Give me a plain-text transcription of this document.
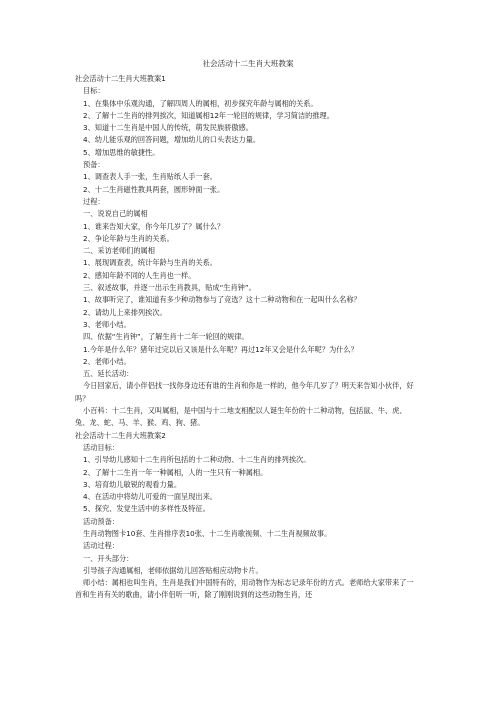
社会活动十二生肖大班教案
社会活动十二生肖大班教案1
目标：
1、在集体中乐观沟通，了解四周人的属相，初步探究年龄与属相的关系。
2、了解十二生肖的排列挨次，知道属相12年一轮回的规律，学习简洁的推理。
3、知道十二生肖是中国人的传统，萌发民族骄傲感。
4、幼儿能乐观的回答问题，增加幼儿的口头表达力量。
5、增加思维的敏捷性。
预备：
1、调查表人手一张，生肖贴纸人手一套。
2、十二生肖磁性教具两套，圆形钟面一张。
过程：
一、说说自己的属相
1、谁来告知大家，你今年几岁了？属什么？
2、争论年龄与生肖的关系。
二、采访老师们的属相
1、展现调查表，统计年龄与生肖的关系。
2、感知年龄不同的人生肖也一样。
三、叙述故事，并逐一出示生肖教具，贴成“生肖钟”。
1、故事听完了，谁知道有多少种动物参与了竞选？这十二种动物和在一起叫什么名称？
2、请幼儿上来排列挨次。
3、老师小结。
四、依据“生肖钟”，了解生肖十二年一轮回的规律。
1.今年是什么年？猪年过完以后又该是什么年呢？再过12年又会是什么年呢？为什么？
2、老师小结。
五、延长活动：
今日回家后，请小伴侣找一找你身边还有谁的生肖和你是一样的，他今年几岁了？明天来告知小伙伴，好吗？
小百科：十二生肖，又叫属相，是中国与十二地支相配以人诞生年份的十二种动物，包括鼠、牛、虎、兔、龙、蛇、马、羊、猴、鸡、狗、猪。
社会活动十二生肖大班教案2
活动目标：
1、引导幼儿感知十二生肖所包括的十二种动物、十二生肖的排列挨次。
2、了解十二生肖一年一种属相，人的一生只有一种属相。
3、培育幼儿敏锐的观看力量。
4、在活动中将幼儿可爱的一面呈现出来。
5、探究、发觉生活中的多样性及特征。
活动预备：
生肖动物图卡10套、生肖排序表10张、十二生肖歌视频、十二生肖视频故事。
活动过程：
一、开头部分：
引导孩子沟通属相，老师依据幼儿回答贴相应动物卡片。
师小结：属相也叫生肖，生肖是我们中国特有的，用动物作为标志记录年份的方式。老师给大家带来了一首和生肖有关的歌曲，请小伴侣听一听，除了刚刚说到的这些动物生肖，还
